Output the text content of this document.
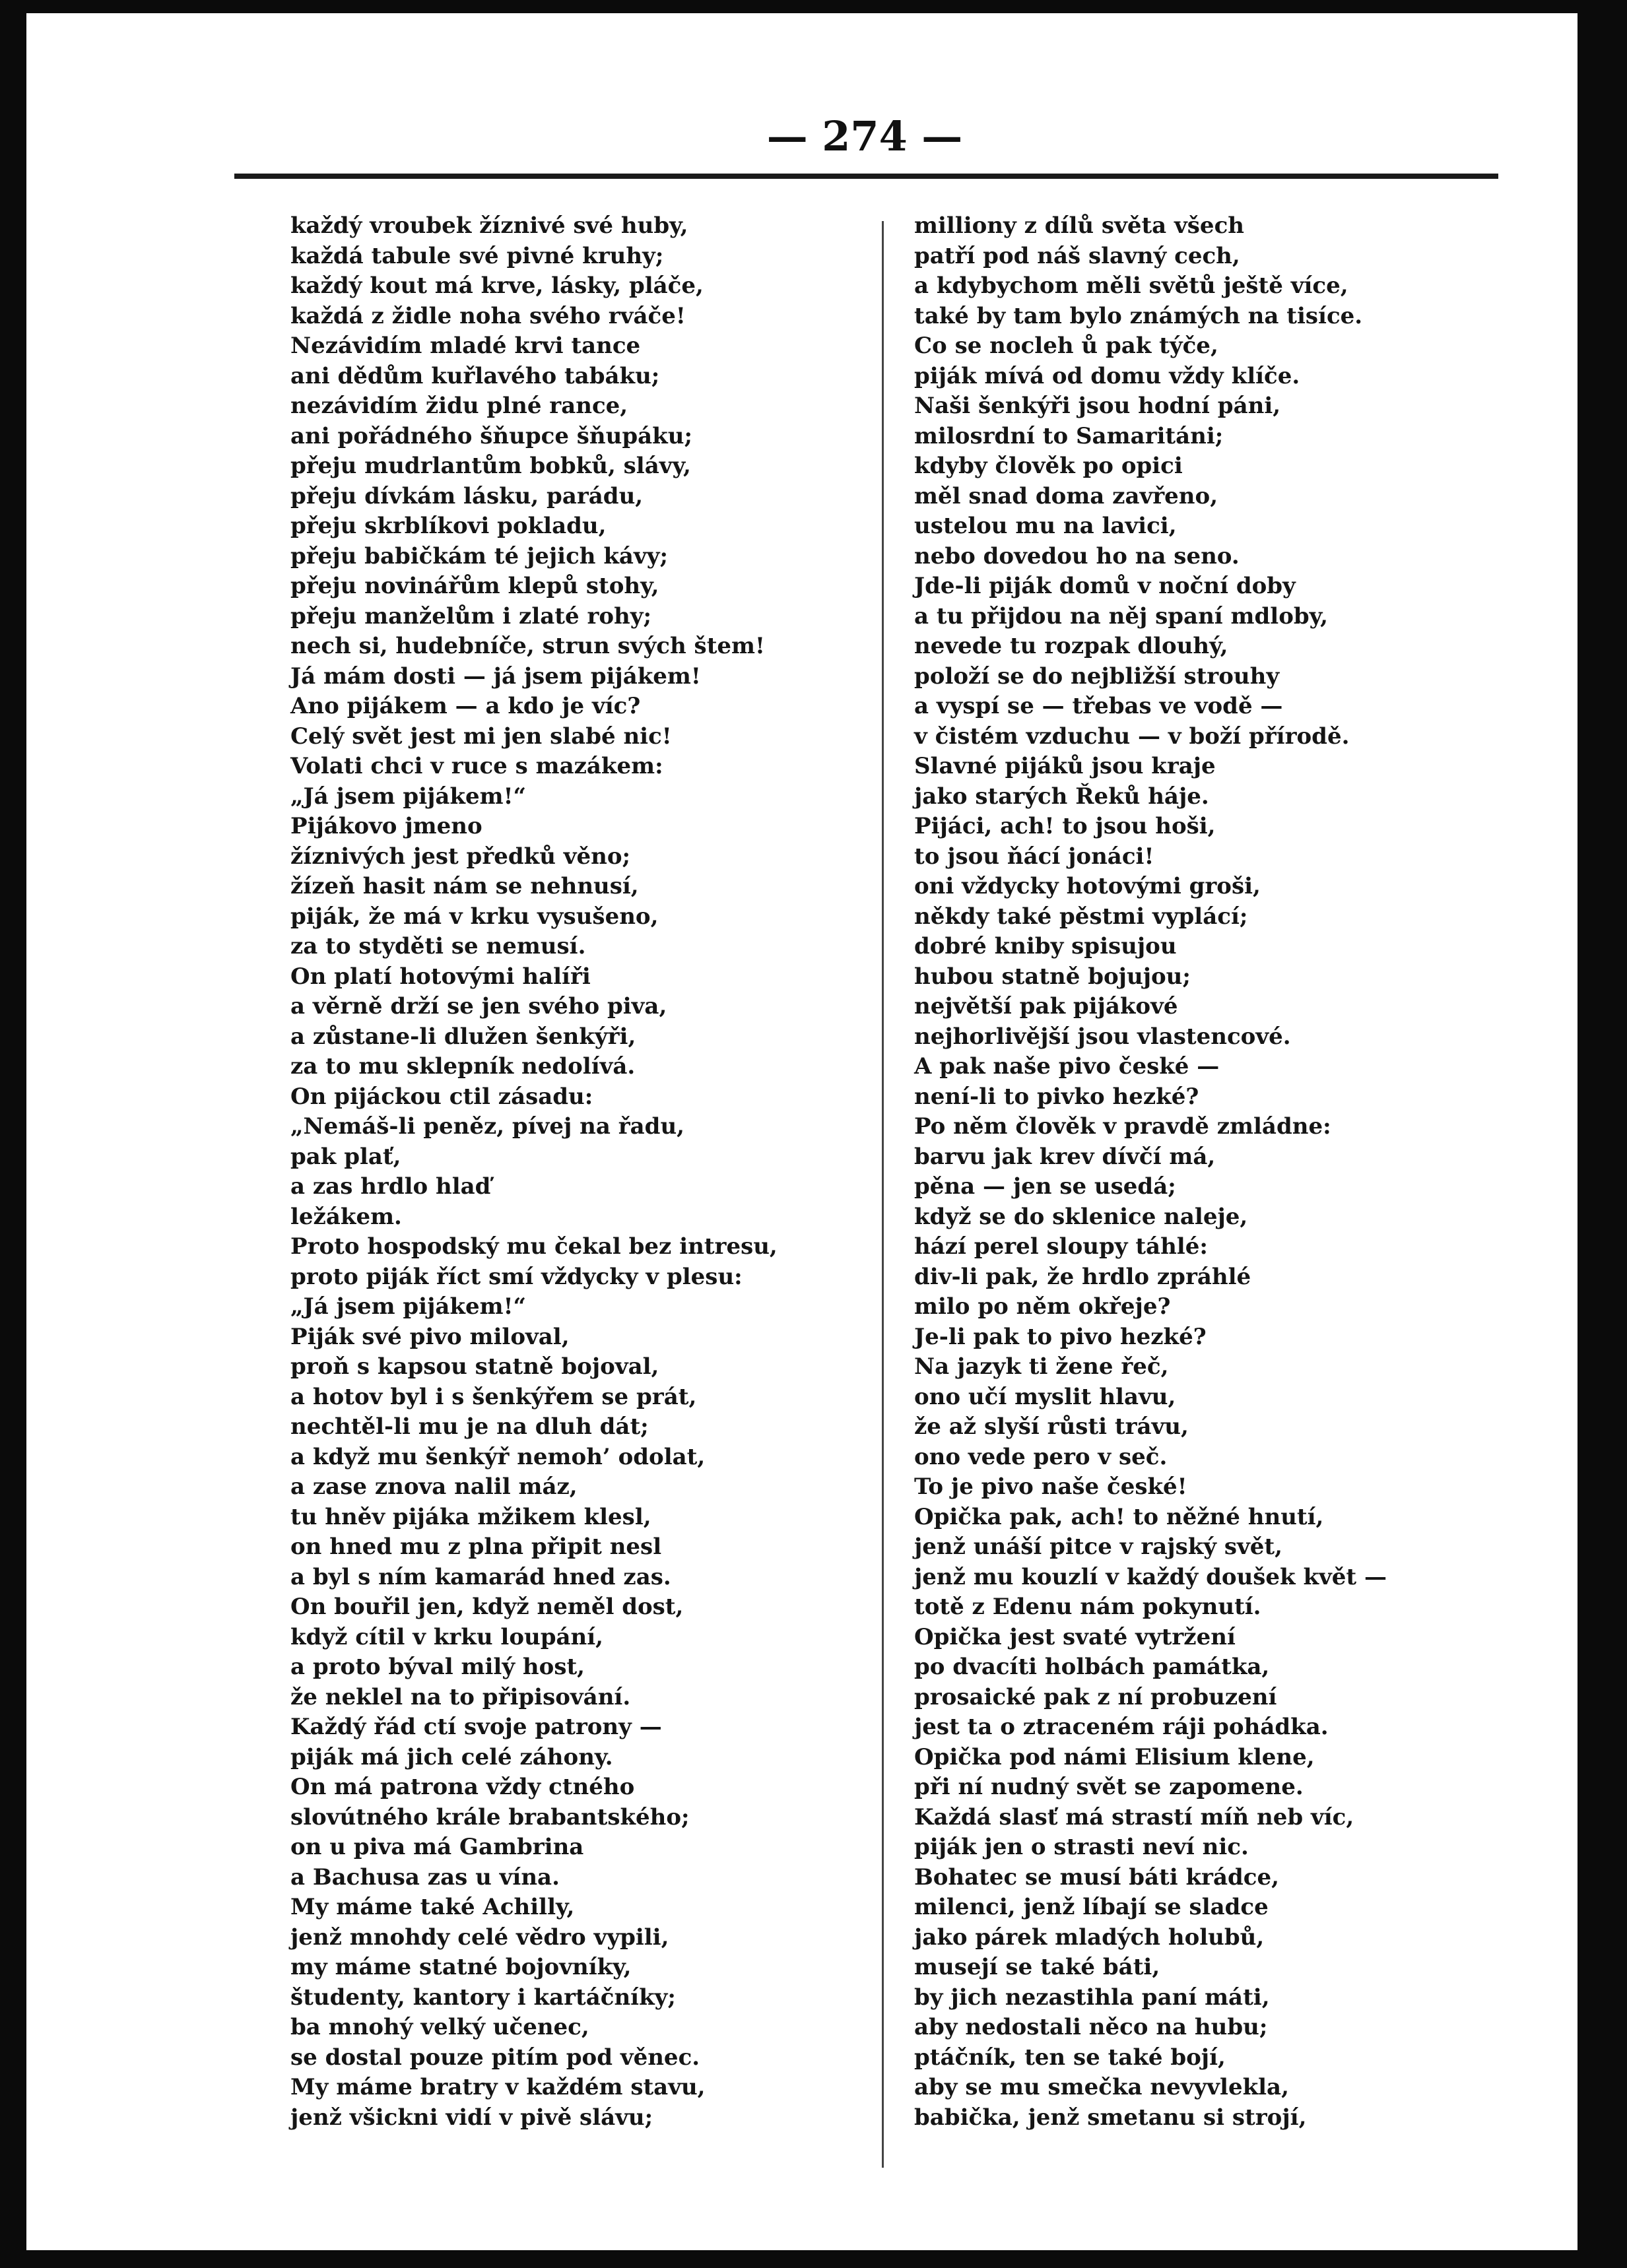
— 274 —
každý vroubek žíznivé své huby,
každá tabule své pivné kruhy;
každý kout má krve, lásky, pláče,
každá z židle noha svého rváče!
Nezávidím mladé krvi tance
ani dědům kuřlavého tabáku;
nezávidím židu plné rance,
ani pořádného šňupce šňupáku;
přeju mudrlantům bobků, slávy,
přeju dívkám lásku, parádu,
přeju skrblíkovi pokladu,
přeju babičkám té jejich kávy;
přeju novinářům klepů stohy,
přeju manželům i zlaté rohy;
nech si, hudebníče, strun svých štem!
Já mám dosti — já jsem pijákem!
Ano pijákem — a kdo je víc?
Celý svět jest mi jen slabé nic!
Volati chci v ruce s mazákem:
„Já jsem pijákem!“
Pijákovo jmeno
žíznivých jest předků věno;
žízeň hasit nám se nehnusí,
piják, že má v krku vysušeno,
za to styděti se nemusí.
On platí hotovými halíři
a věrně drží se jen svého piva,
a zůstane-li dlužen šenkýři,
za to mu sklepník nedolívá.
On pijáckou ctil zásadu:
„Nemáš-li peněz, pívej na řadu,
pak plať,
a zas hrdlo hlaď
ležákem.
Proto hospodský mu čekal bez intresu,
proto piják říct smí vždycky v plesu:
„Já jsem pijákem!“
Piják své pivo miloval,
proň s kapsou statně bojoval,
a hotov byl i s šenkýřem se prát,
nechtěl-li mu je na dluh dát;
a když mu šenkýř nemoh’ odolat,
a zase znova nalil máz,
tu hněv pijáka mžikem klesl,
on hned mu z plna připit nesl
a byl s ním kamarád hned zas.
On bouřil jen, když neměl dost,
když cítil v krku loupání,
a proto býval milý host,
že neklel na to připisování.
Každý řád ctí svoje patrony —
piják má jich celé záhony.
On má patrona vždy ctného
slovútného krále brabantského;
on u piva má Gambrina
a Bachusa zas u vína.
My máme také Achilly,
jenž mnohdy celé vědro vypili,
my máme statné bojovníky,
študenty, kantory i kartáčníky;
ba mnohý velký učenec,
se dostal pouze pitím pod věnec.
My máme bratry v každém stavu,
jenž všickni vidí v pivě slávu;
milliony z dílů světa všech
patří pod náš slavný cech,
a kdybychom měli světů ještě více,
také by tam bylo známých na tisíce.
Co se nocleh ů pak týče,
piják mívá od domu vždy klíče.
Naši šenkýři jsou hodní páni,
milosrdní to Samaritáni;
kdyby člověk po opici
měl snad doma zavřeno,
ustelou mu na lavici,
nebo dovedou ho na seno.
Jde-li piják domů v noční doby
a tu přijdou na něj spaní mdloby,
nevede tu rozpak dlouhý,
položí se do nejbližší strouhy
a vyspí se — třebas ve vodě —
v čistém vzduchu — v boží přírodě.
Slavné pijáků jsou kraje
jako starých Řeků háje.
Pijáci, ach! to jsou hoši,
to jsou ňácí jonáci!
oni vždycky hotovými groši,
někdy také pěstmi vyplácí;
dobré kniby spisujou
hubou statně bojujou;
největší pak pijákové
nejhorlivější jsou vlastencové.
A pak naše pivo české —
není-li to pivko hezké?
Po něm člověk v pravdě zmládne:
barvu jak krev dívčí má,
pěna — jen se usedá;
když se do sklenice naleje,
hází perel sloupy táhlé:
div-li pak, že hrdlo zpráhlé
milo po něm okřeje?
Je-li pak to pivo hezké?
Na jazyk ti žene řeč,
ono učí myslit hlavu,
že až slyší růsti trávu,
ono vede pero v seč.
To je pivo naše české!
Opička pak, ach! to něžné hnutí,
jenž unáší pitce v rajský svět,
jenž mu kouzlí v každý doušek květ —
totě z Edenu nám pokynutí.
Opička jest svaté vytržení
po dvacíti holbách památka,
prosaické pak z ní probuzení
jest ta o ztraceném ráji pohádka.
Opička pod námi Elisium klene,
při ní nudný svět se zapomene.
Každá slasť má strastí míň neb víc,
piják jen o strasti neví nic.
Bohatec se musí báti krádce,
milenci, jenž líbají se sladce
jako párek mladých holubů,
musejí se také báti,
by jich nezastihla paní máti,
aby nedostali něco na hubu;
ptáčník, ten se také bojí,
aby se mu smečka nevyvlekla,
babička, jenž smetanu si strojí,
